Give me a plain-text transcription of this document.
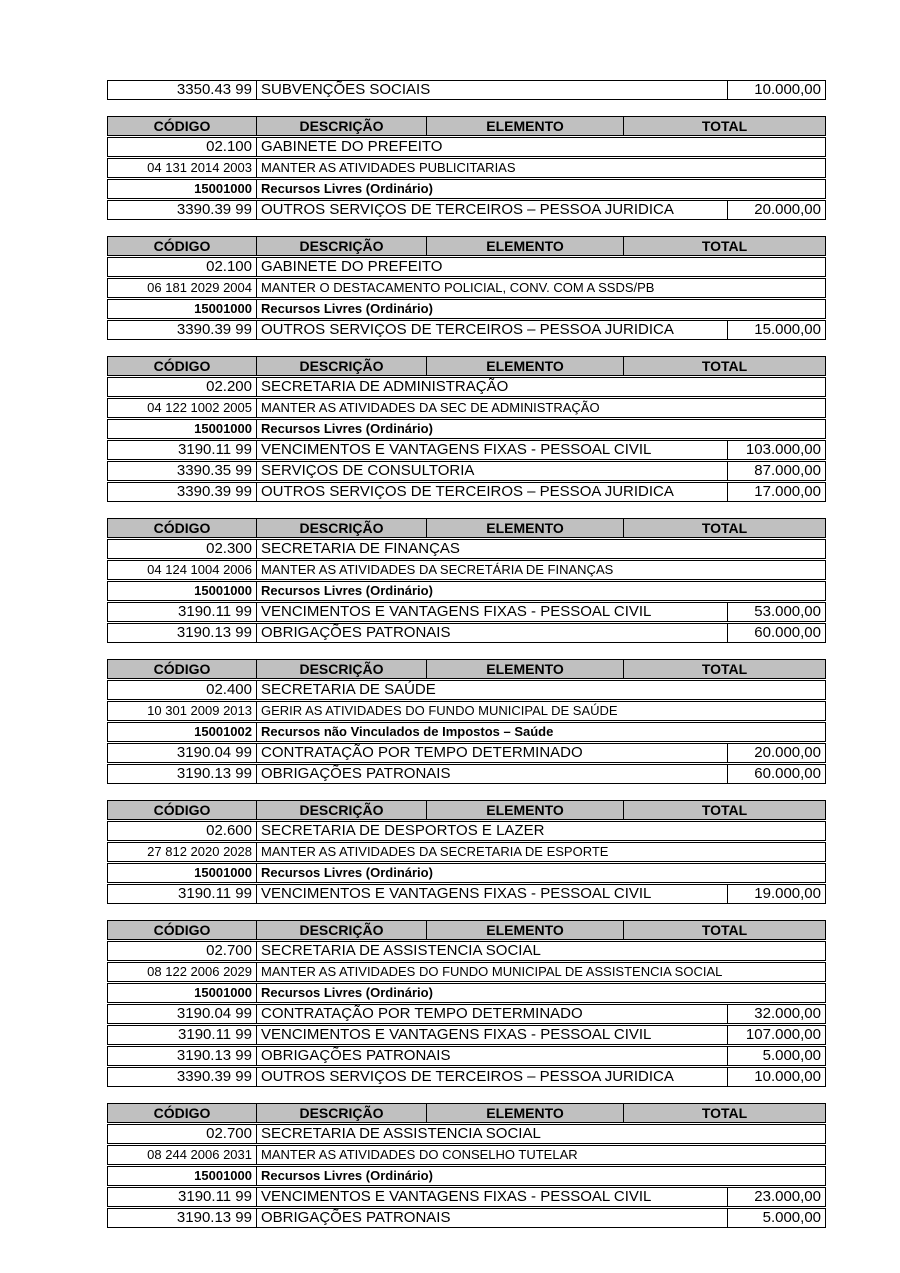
3350.43 99 SUBVENÇÕES SOCIAIS	10.000,00
CÓDIGO	DESCRIÇÃO	ELEMENTO	TOTAL
02.100 GABINETE DO PREFEITO
04 131 2014 2003 MANTER AS ATIVIDADES PUBLICITARIAS
15001000 Recursos Livres (Ordinário)
3390.39 99 OUTROS SERVIÇOS DE TERCEIROS – PESSOA JURIDICA	20.000,00
CÓDIGO	DESCRIÇÃO	ELEMENTO	TOTAL
02.100 GABINETE DO PREFEITO
06 181 2029 2004 MANTER O DESTACAMENTO POLICIAL, CONV. COM A SSDS/PB
15001000 Recursos Livres (Ordinário)
3390.39 99 OUTROS SERVIÇOS DE TERCEIROS – PESSOA JURIDICA	15.000,00
CÓDIGO	DESCRIÇÃO	ELEMENTO	TOTAL
02.200 SECRETARIA DE ADMINISTRAÇÃO
04 122 1002 2005 MANTER AS ATIVIDADES DA SEC DE ADMINISTRAÇÃO
15001000 Recursos Livres (Ordinário)
3190.11 99 VENCIMENTOS E VANTAGENS FIXAS - PESSOAL CIVIL	103.000,00
3390.35 99 SERVIÇOS DE CONSULTORIA	87.000,00
3390.39 99 OUTROS SERVIÇOS DE TERCEIROS – PESSOA JURIDICA	17.000,00
CÓDIGO	DESCRIÇÃO	ELEMENTO	TOTAL
02.300 SECRETARIA DE FINANÇAS
04 124 1004 2006 MANTER AS ATIVIDADES DA SECRETÁRIA DE FINANÇAS
15001000 Recursos Livres (Ordinário)
3190.11 99 VENCIMENTOS E VANTAGENS FIXAS - PESSOAL CIVIL	53.000,00
3190.13 99 OBRIGAÇÕES PATRONAIS	60.000,00
CÓDIGO	DESCRIÇÃO	ELEMENTO	TOTAL
02.400 SECRETARIA DE SAÚDE
10 301 2009 2013 GERIR AS ATIVIDADES DO FUNDO MUNICIPAL DE SAÚDE
15001002 Recursos não Vinculados de Impostos – Saúde
3190.04 99 CONTRATAÇÃO POR TEMPO DETERMINADO	20.000,00
3190.13 99 OBRIGAÇÕES PATRONAIS	60.000,00
CÓDIGO	DESCRIÇÃO	ELEMENTO	TOTAL
02.600 SECRETARIA DE DESPORTOS E LAZER
27 812 2020 2028 MANTER AS ATIVIDADES DA SECRETARIA DE ESPORTE
15001000 Recursos Livres (Ordinário)
3190.11 99 VENCIMENTOS E VANTAGENS FIXAS - PESSOAL CIVIL	19.000,00
CÓDIGO	DESCRIÇÃO	ELEMENTO	TOTAL
02.700 SECRETARIA DE ASSISTENCIA SOCIAL
08 122 2006 2029 MANTER AS ATIVIDADES DO FUNDO MUNICIPAL DE ASSISTENCIA SOCIAL
15001000 Recursos Livres (Ordinário)
3190.04 99 CONTRATAÇÃO POR TEMPO DETERMINADO	32.000,00
3190.11 99 VENCIMENTOS E VANTAGENS FIXAS - PESSOAL CIVIL	107.000,00
3190.13 99 OBRIGAÇÕES PATRONAIS	5.000,00
3390.39 99 OUTROS SERVIÇOS DE TERCEIROS – PESSOA JURIDICA	10.000,00
CÓDIGO	DESCRIÇÃO	ELEMENTO	TOTAL
02.700 SECRETARIA DE ASSISTENCIA SOCIAL
08 244 2006 2031 MANTER AS ATIVIDADES DO CONSELHO TUTELAR
15001000 Recursos Livres (Ordinário)
3190.11 99 VENCIMENTOS E VANTAGENS FIXAS - PESSOAL CIVIL	23.000,00
3190.13 99 OBRIGAÇÕES PATRONAIS	5.000,00
